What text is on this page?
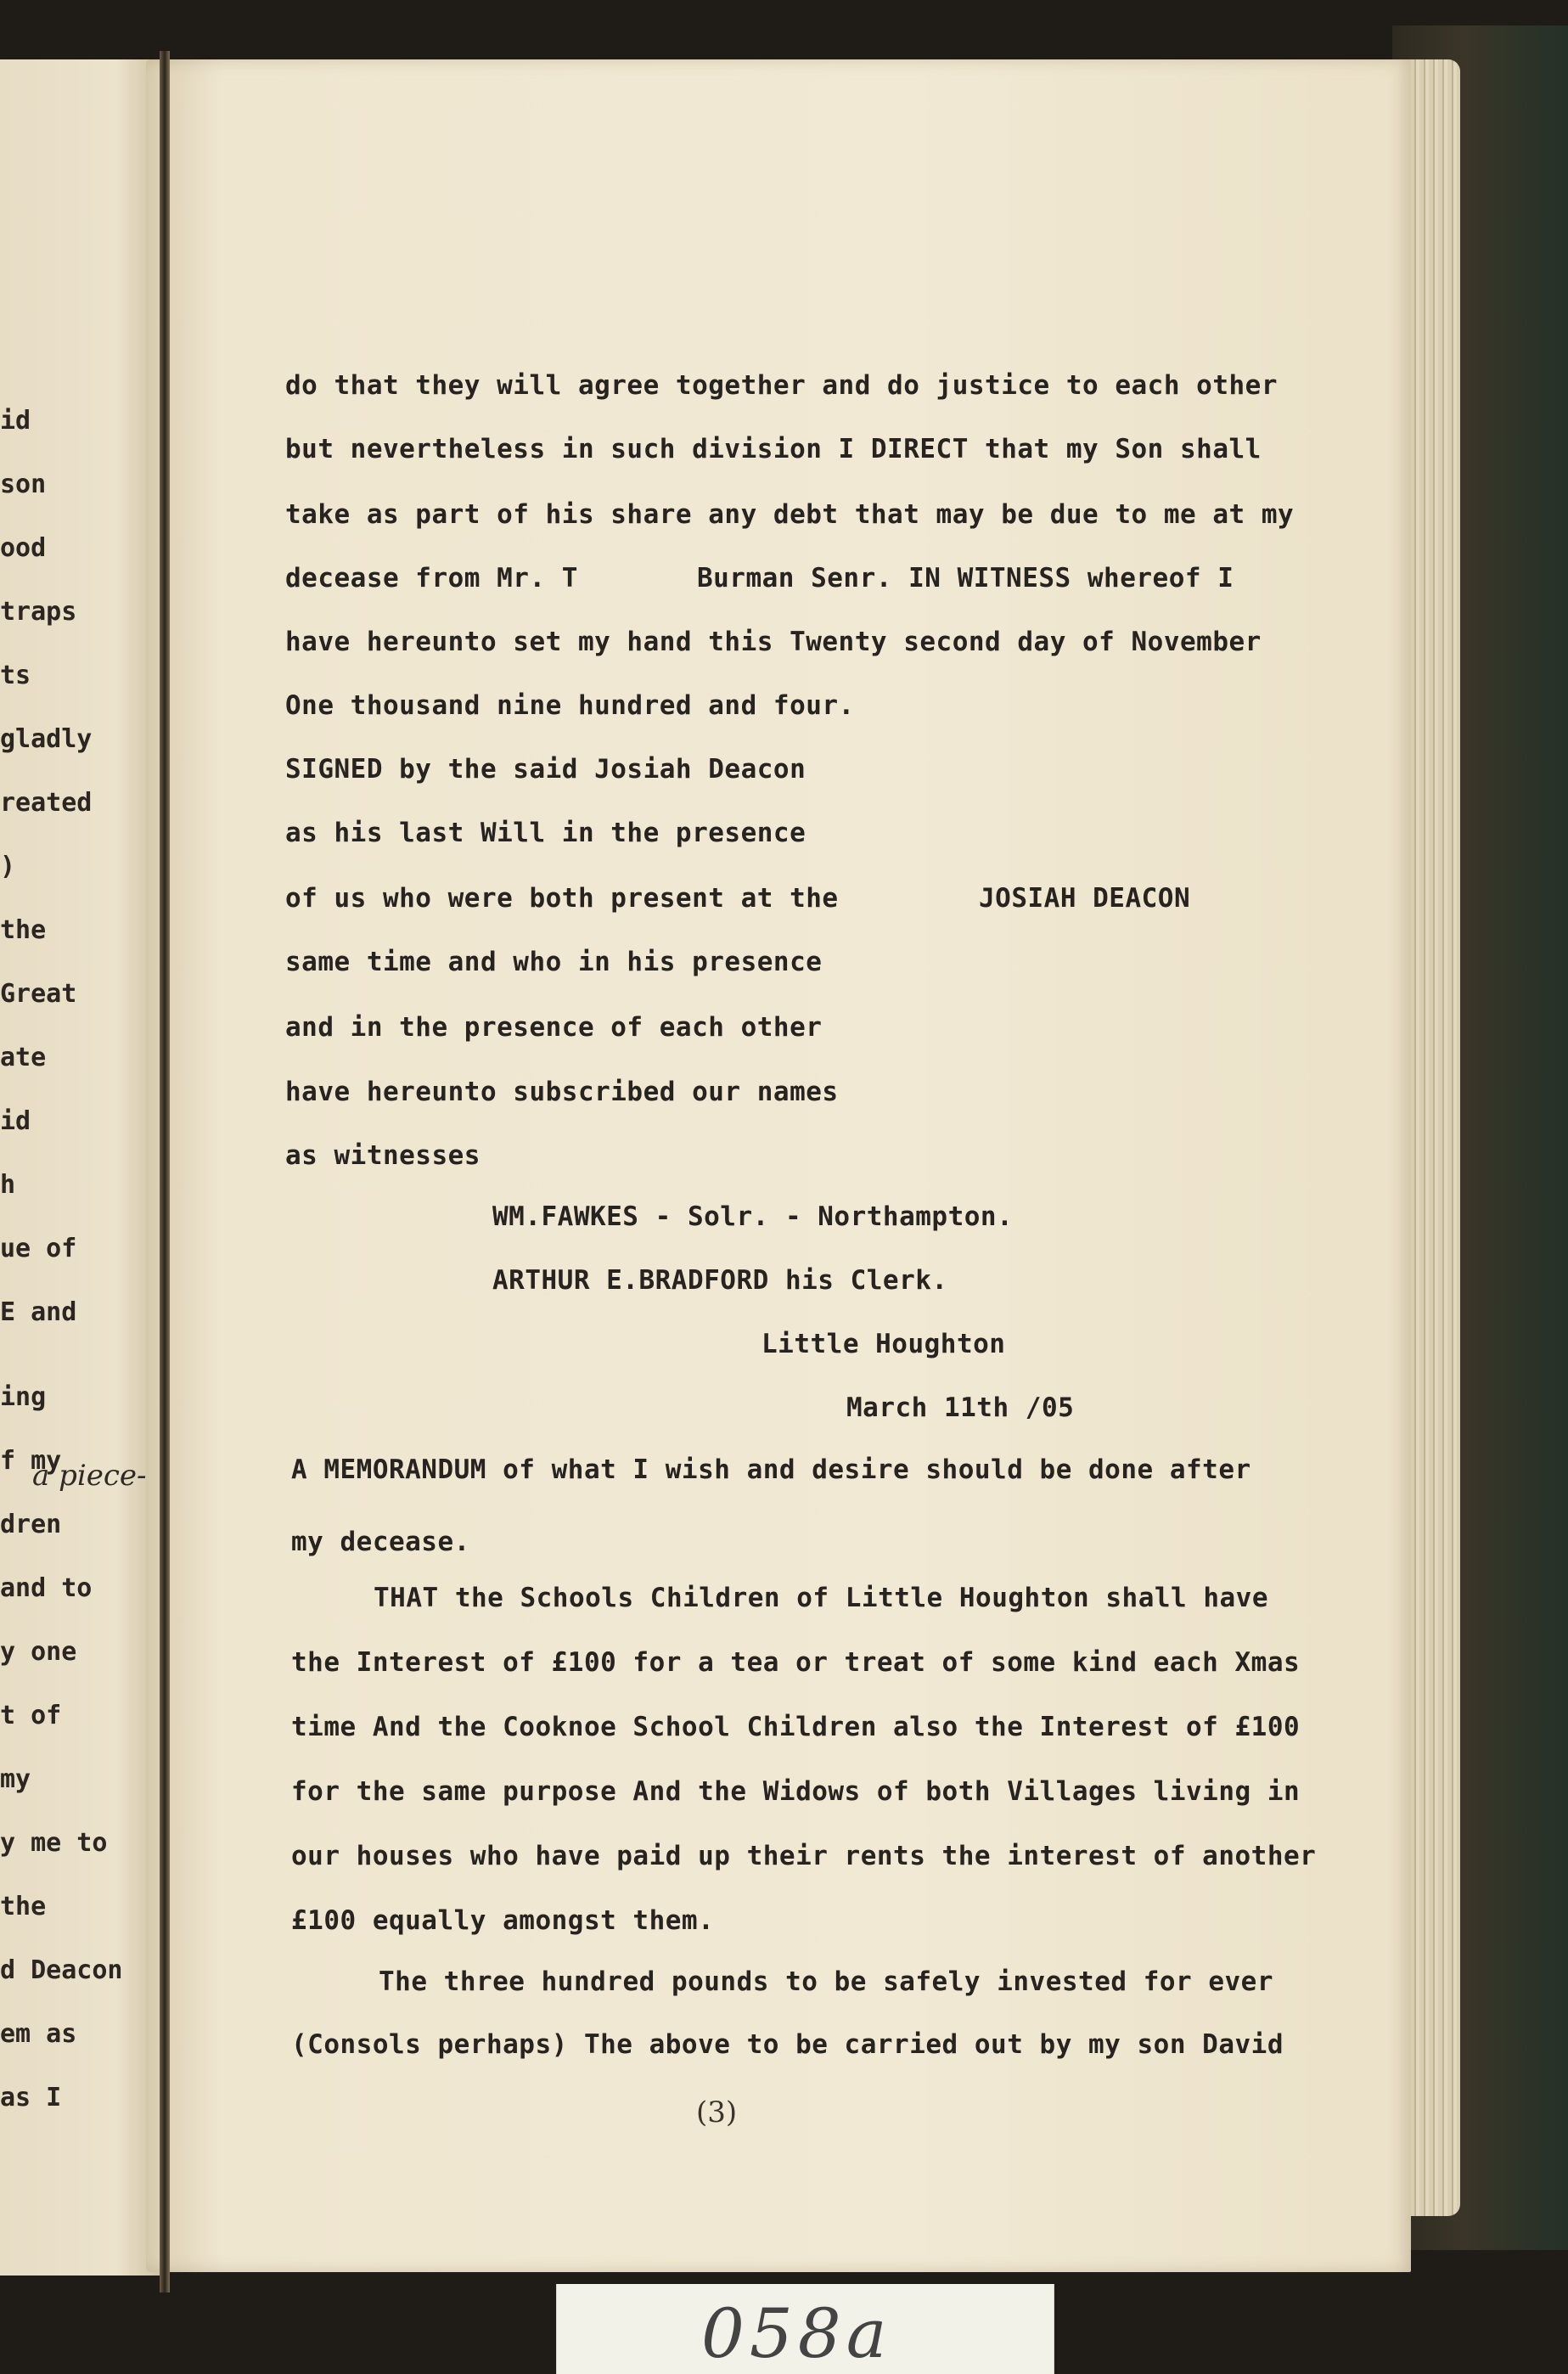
id
son
ood
traps
ts
gladly
reated
)
the
Great
ate
id
h
ue of
E and
ing
f my
dren
and to
y one
t of
my
y me to
the
d Deacon
em as
as I
a piece-
do that they will agree together and do justice to each other
but nevertheless in such division I DIRECT that my Son shall
take as part of his share any debt that may be due to me at my
decease from Mr. T	Burman Senr. IN WITNESS whereof I
have hereunto set my hand this Twenty second day of November
One thousand nine hundred and four.
SIGNED by the said Josiah Deacon
as his last Will in the presence
of us who were both present at the	JOSIAH DEACON
same time and who in his presence
and in the presence of each other
have hereunto subscribed our names
as witnesses
WM.FAWKES - Solr. - Northampton.
ARTHUR E.BRADFORD his Clerk.
Little Houghton
March 11th /05
A MEMORANDUM of what I wish and desire should be done after
my decease.
THAT the Schools Children of Little Houghton shall have
the Interest of £100 for a tea or treat of some kind each Xmas
time And the Cooknoe School Children also the Interest of £100
for the same purpose And the Widows of both Villages living in
our houses who have paid up their rents the interest of another
£100 equally amongst them.
The three hundred pounds to be safely invested for ever
(Consols perhaps) The above to be carried out by my son David
(3)
058a
